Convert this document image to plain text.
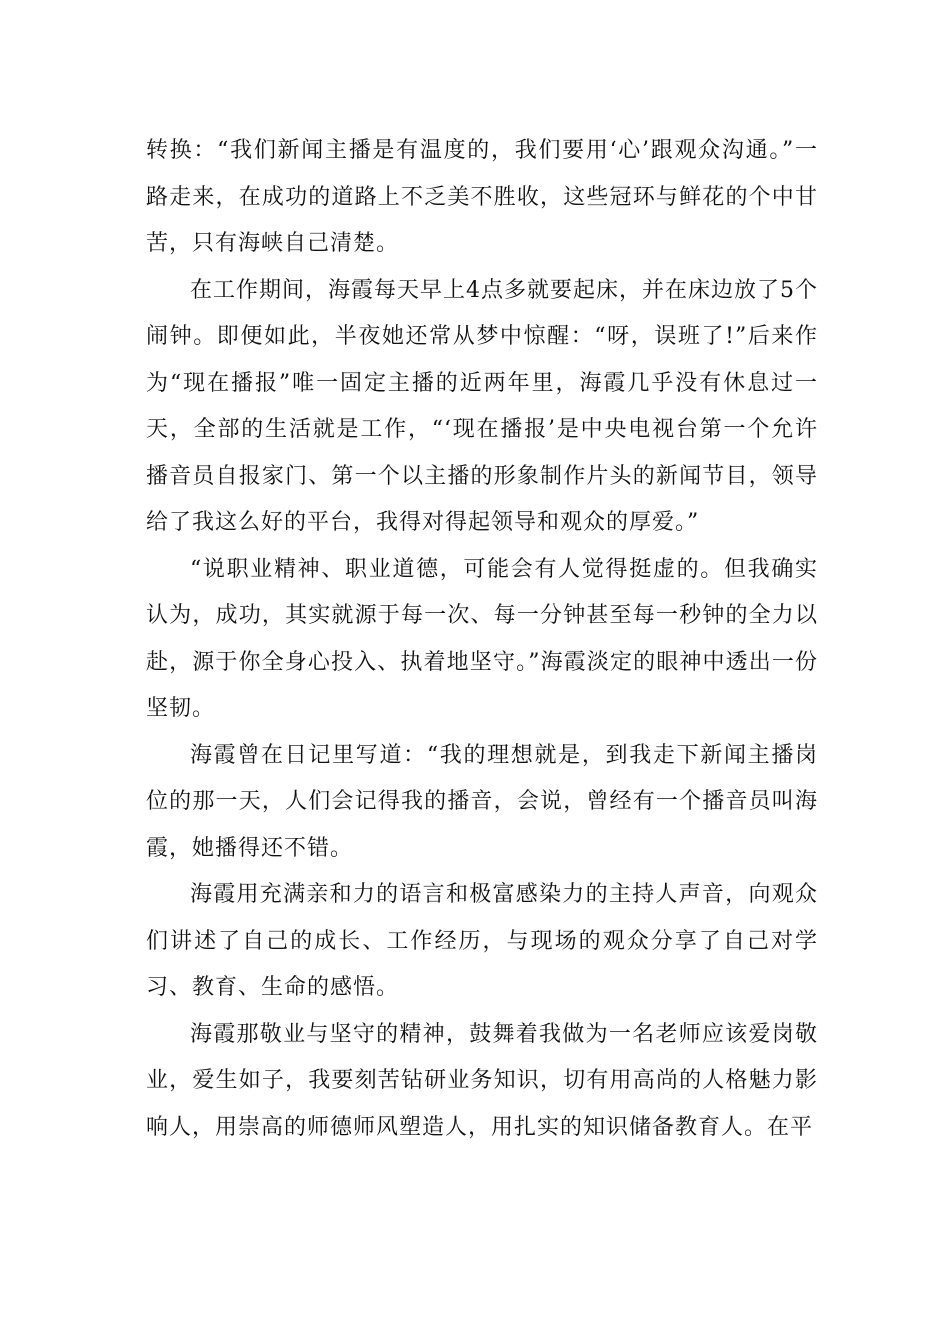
转换：“我们新闻主播是有温度的，我们要用‘心’跟观众沟通。”一路走来，在成功的道路上不乏美不胜收，这些冠环与鲜花的个中甘苦，只有海峡自己清楚。

在工作期间，海霞每天早上4点多就要起床，并在床边放了5个闹钟。即便如此，半夜她还常从梦中惊醒：“呀，误班了!”后来作为“现在播报”唯一固定主播的近两年里，海霞几乎没有休息过一天，全部的生活就是工作，“‘现在播报’是中央电视台第一个允许播音员自报家门、第一个以主播的形象制作片头的新闻节目，领导给了我这么好的平台，我得对得起领导和观众的厚爱。”

“说职业精神、职业道德，可能会有人觉得挺虚的。但我确实认为，成功，其实就源于每一次、每一分钟甚至每一秒钟的全力以赴，源于你全身心投入、执着地坚守。”海霞淡定的眼神中透出一份坚韧。

海霞曾在日记里写道：“我的理想就是，到我走下新闻主播岗位的那一天，人们会记得我的播音，会说，曾经有一个播音员叫海霞，她播得还不错。

海霞用充满亲和力的语言和极富感染力的主持人声音，向观众们讲述了自己的成长、工作经历，与现场的观众分享了自己对学习、教育、生命的感悟。

海霞那敬业与坚守的精神，鼓舞着我做为一名老师应该爱岗敬业，爱生如子，我要刻苦钻研业务知识，切有用高尚的人格魅力影响人，用崇高的师德师风塑造人，用扎实的知识储备教育人。在平
